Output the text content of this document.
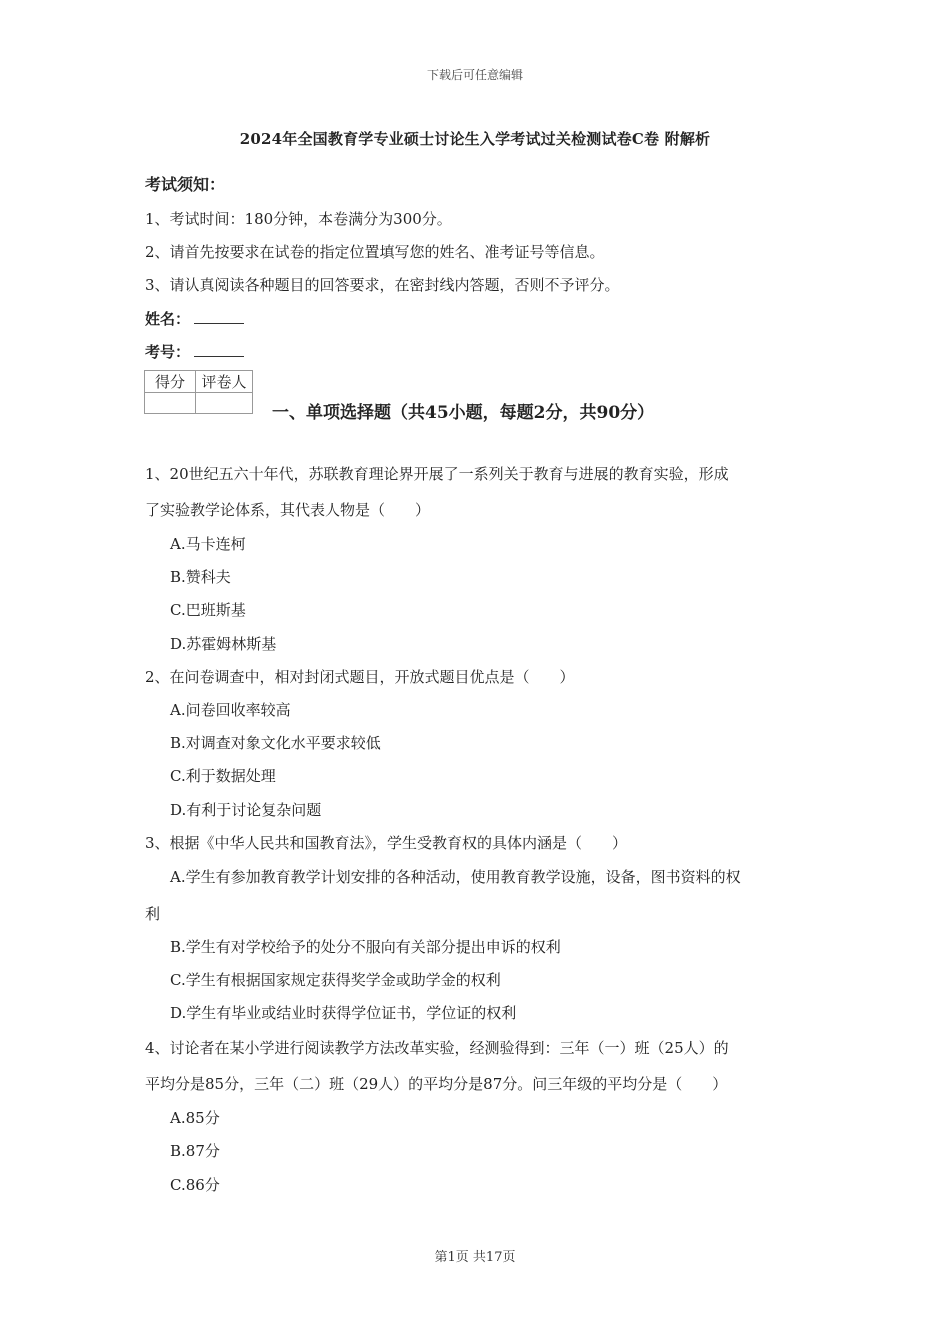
下载后可任意编辑
2024年全国教育学专业硕士讨论生入学考试过关检测试卷C卷 附解析
考试须知：
1、考试时间：180分钟，本卷满分为300分。
2、请首先按要求在试卷的指定位置填写您的姓名、准考证号等信息。
3、请认真阅读各种题目的回答要求，在密封线内答题，否则不予评分。
姓名：
考号：
得分	评卷人

一、单项选择题（共45小题，每题2分，共90分）
1、20世纪五六十年代，苏联教育理论界开展了一系列关于教育与进展的教育实验，形成
了实验教学论体系，其代表人物是（　　）
A.马卡连柯
B.赞科夫
C.巴班斯基
D.苏霍姆林斯基
2、在问卷调查中，相对封闭式题目，开放式题目优点是（　　）
A.问卷回收率较高
B.对调查对象文化水平要求较低
C.利于数据处理
D.有利于讨论复杂问题
3、根据《中华人民共和国教育法》，学生受教育权的具体内涵是（　　）
A.学生有参加教育教学计划安排的各种活动，使用教育教学设施，设备，图书资料的权
利
B.学生有对学校给予的处分不服向有关部分提出申诉的权利
C.学生有根据国家规定获得奖学金或助学金的权利
D.学生有毕业或结业时获得学位证书，学位证的权利
4、讨论者在某小学进行阅读教学方法改革实验，经测验得到：三年（一）班（25人）的
平均分是85分，三年（二）班（29人）的平均分是87分。问三年级的平均分是（　　）
A.85分
B.87分
C.86分
第1页 共17页
